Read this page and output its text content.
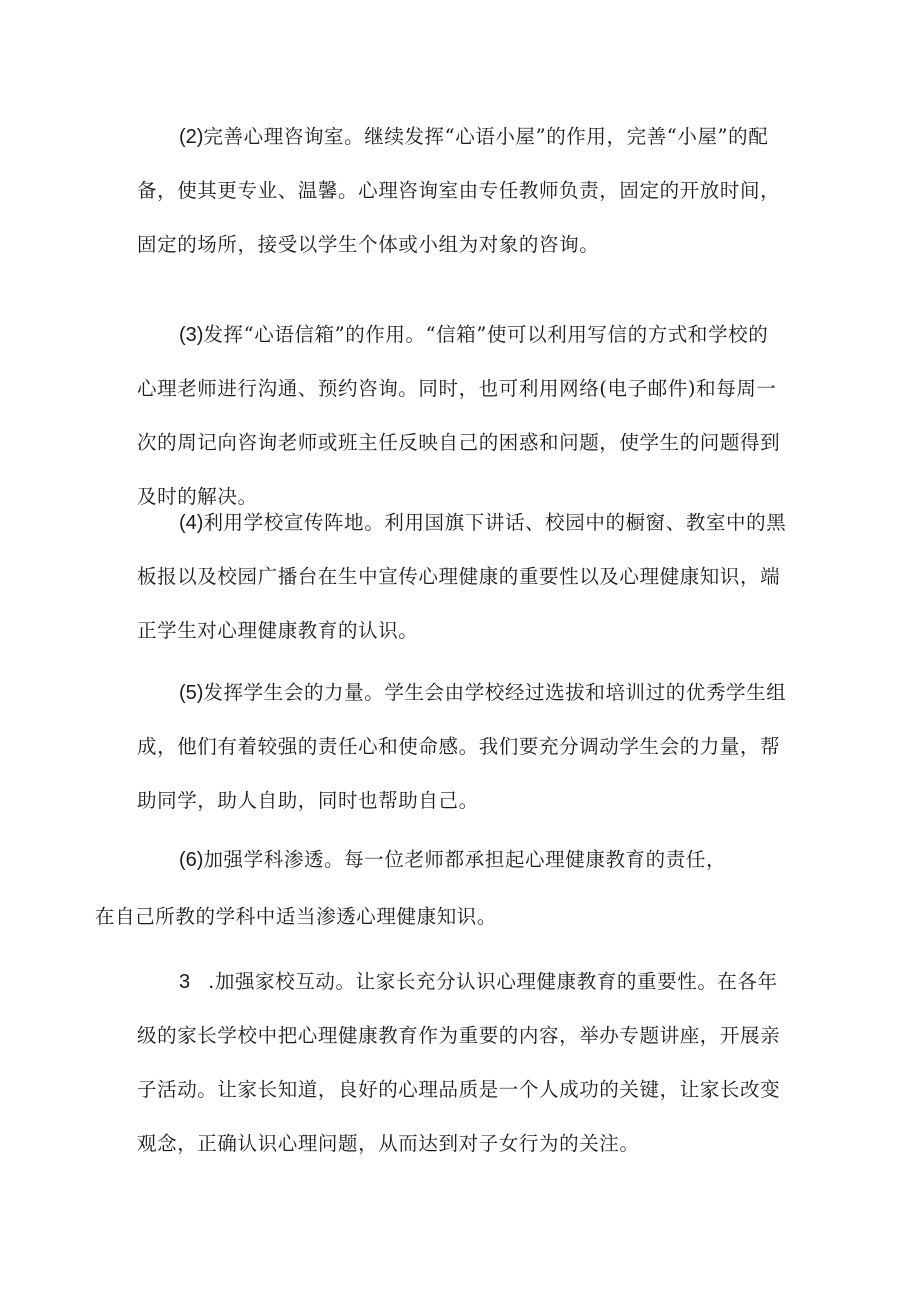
(2)完善心理咨询室。继续发挥“心语小屋”的作用，完善“小屋”的配备，使其更专业、温馨。心理咨询室由专任教师负责，固定的开放时间，固定的场所，接受以学生个体或小组为对象的咨询。

(3)发挥“心语信箱”的作用。“信箱”使可以利用写信的方式和学校的心理老师进行沟通、预约咨询。同时，也可利用网络(电子邮件)和每周一次的周记向咨询老师或班主任反映自己的困惑和问题，使学生的问题得到及时的解决。

(4)利用学校宣传阵地。利用国旗下讲话、校园中的橱窗、教室中的黑板报以及校园广播台在生中宣传心理健康的重要性以及心理健康知识，端正学生对心理健康教育的认识。

(5)发挥学生会的力量。学生会由学校经过选拔和培训过的优秀学生组成，他们有着较强的责任心和使命感。我们要充分调动学生会的力量，帮助同学，助人自助，同时也帮助自己。

(6)加强学科渗透。每一位老师都承担起心理健康教育的责任，
在自己所教的学科中适当渗透心理健康知识。

3 .加强家校互动。让家长充分认识心理健康教育的重要性。在各年级的家长学校中把心理健康教育作为重要的内容，举办专题讲座，开展亲子活动。让家长知道，良好的心理品质是一个人成功的关键，让家长改变观念，正确认识心理问题，从而达到对子女行为的关注。
